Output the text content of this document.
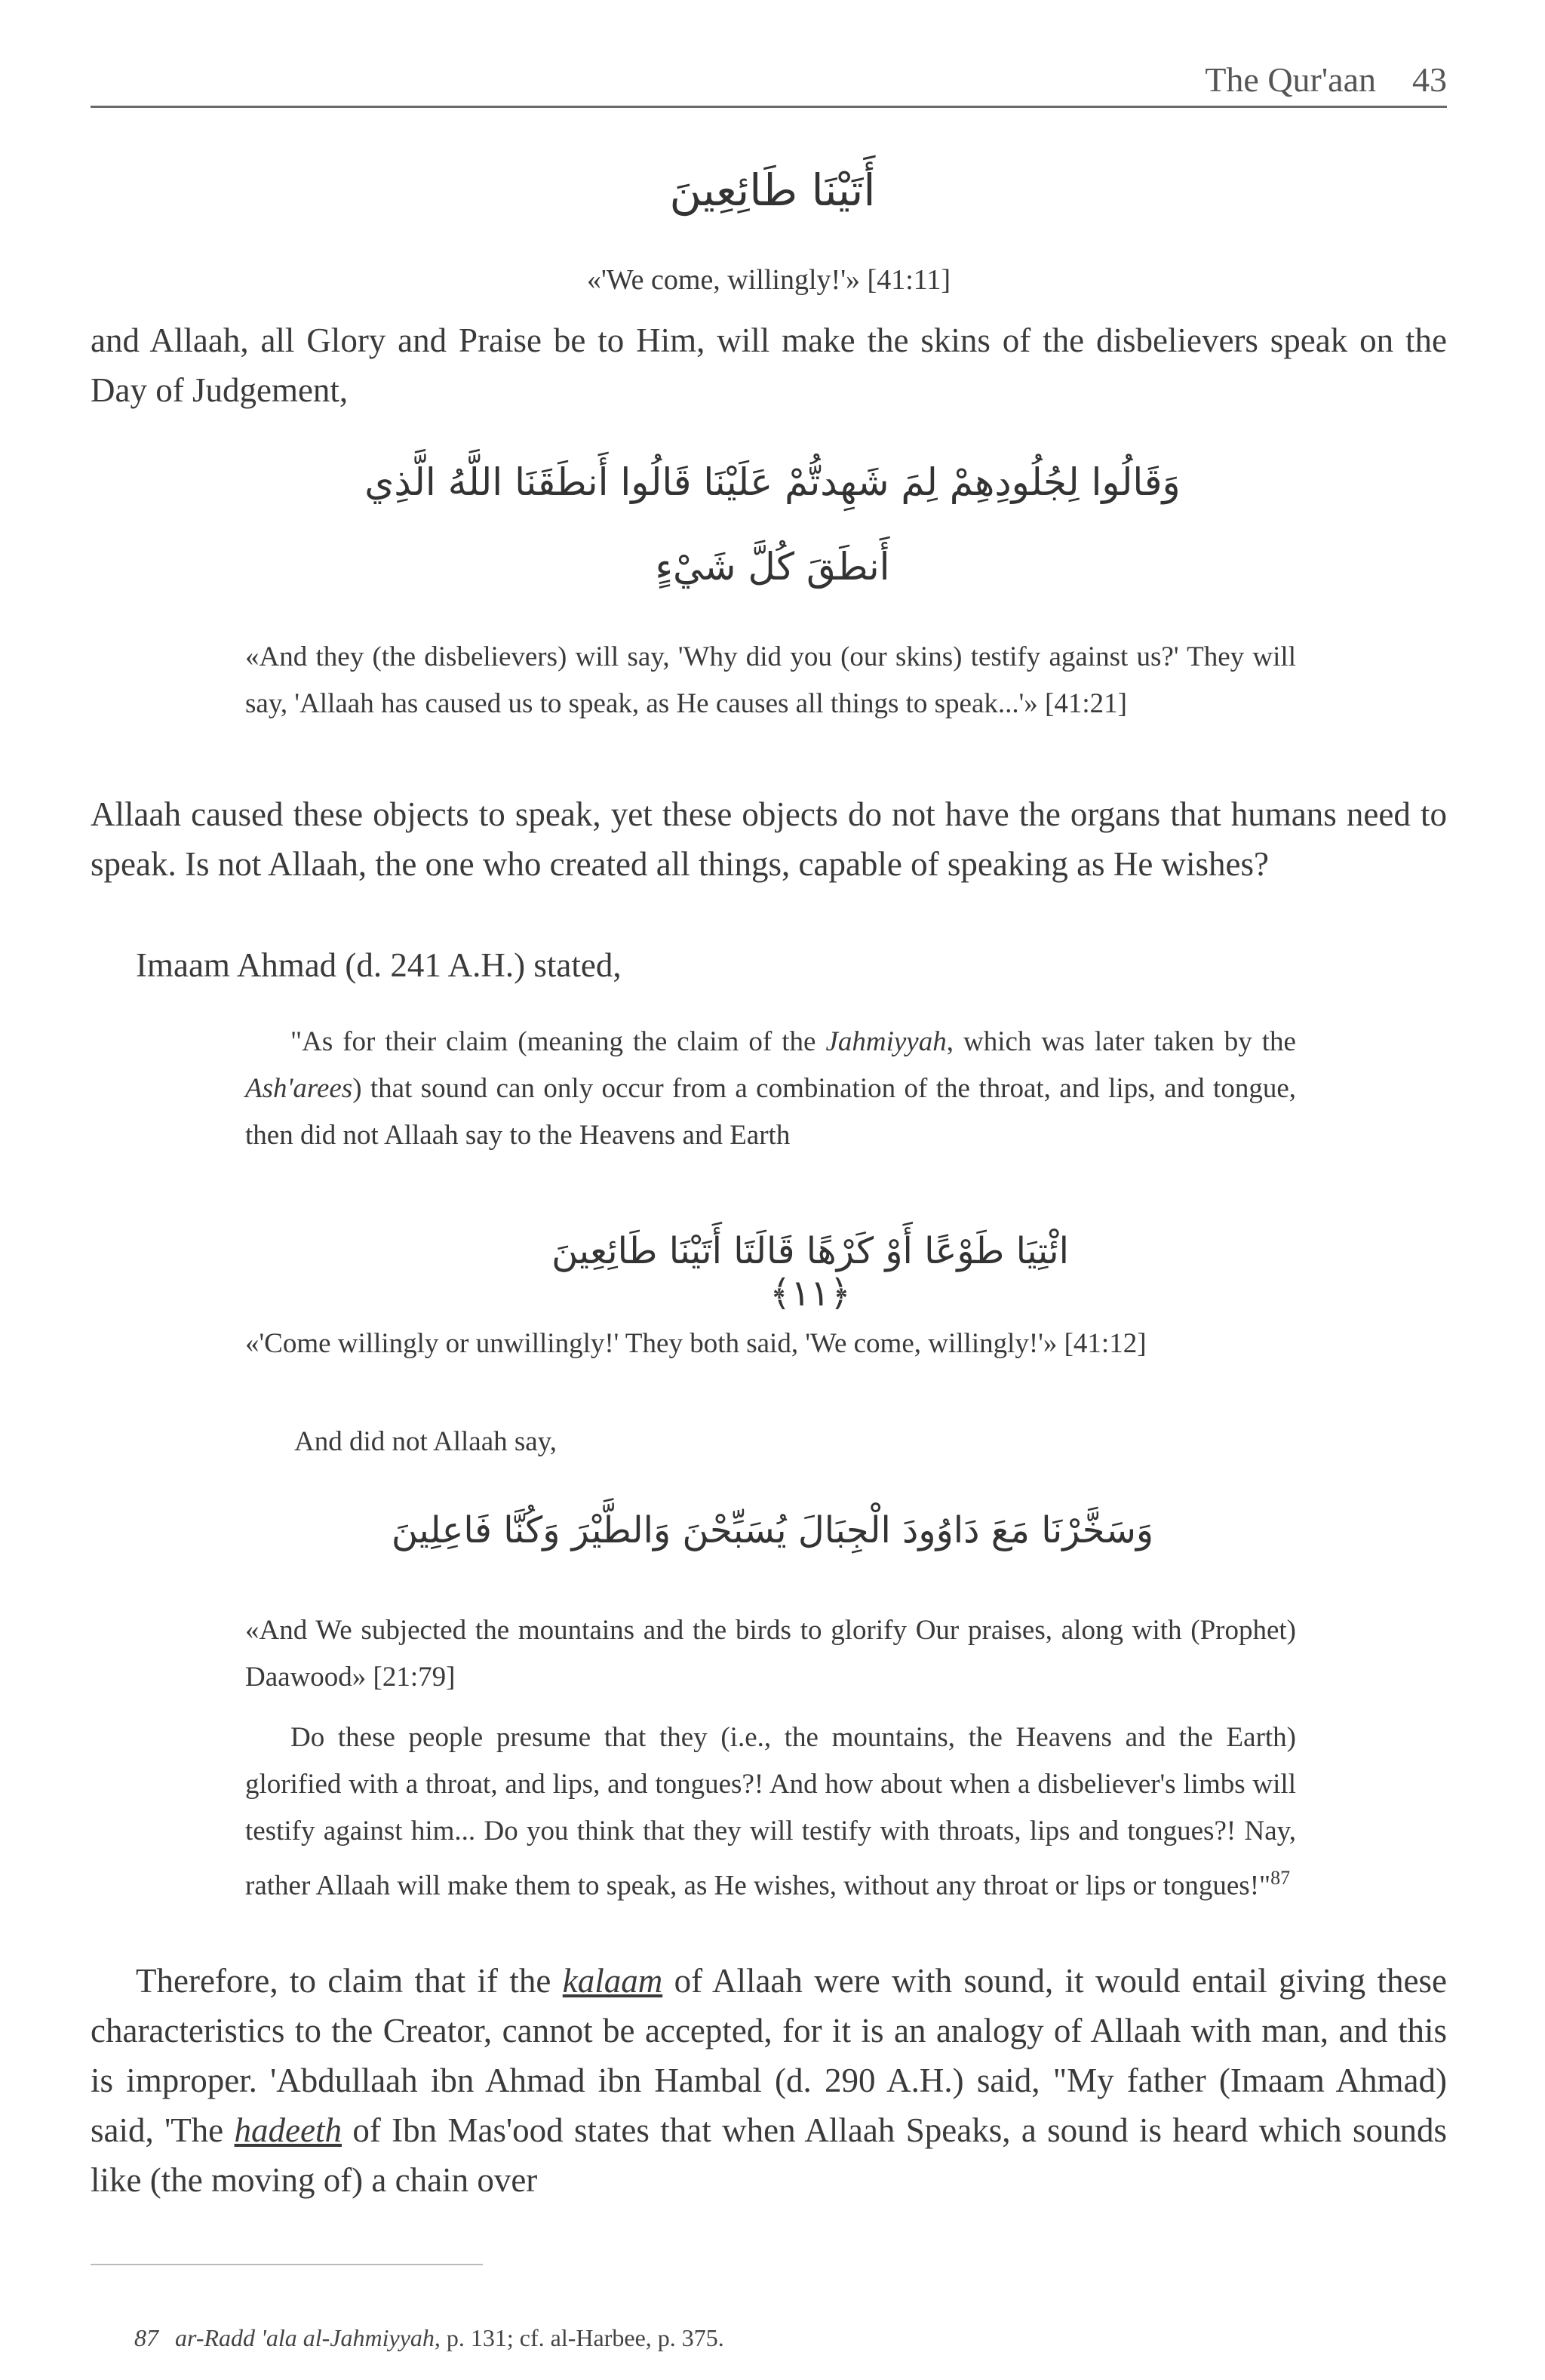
The Qur'aan 43
أَتَيْنَا طَائِعِينَ

«'We come, willingly!'» [41:11]

and Allaah, all Glory and Praise be to Him, will make the skins of the disbelievers speak on the Day of Judgement,

وَقَالُوا لِجُلُودِهِمْ لِمَ شَهِدتُّمْ عَلَيْنَا قَالُوا أَنطَقَنَا اللَّهُ الَّذِي
أَنطَقَ كُلَّ شَيْءٍ

«And they (the disbelievers) will say, 'Why did you (our skins) testify against us?' They will say, 'Allaah has caused us to speak, as He causes all things to speak...'» [41:21]

Allaah caused these objects to speak, yet these objects do not have the organs that humans need to speak. Is not Allaah, the one who created all things, capable of speaking as He wishes?

Imaam Ahmad (d. 241 A.H.) stated,

"As for their claim (meaning the claim of the Jahmiyyah, which was later taken by the Ash'arees) that sound can only occur from a combination of the throat, and lips, and tongue, then did not Allaah say to the Heavens and Earth

ائْتِيَا طَوْعًا أَوْ كَرْهًا قَالَتَا أَتَيْنَا طَائِعِينَ ﴿١١﴾

«'Come willingly or unwillingly!' They both said, 'We come, willingly!'» [41:12]

And did not Allaah say,

وَسَخَّرْنَا مَعَ دَاوُودَ الْجِبَالَ يُسَبِّحْنَ وَالطَّيْرَ وَكُنَّا فَاعِلِينَ

«And We subjected the mountains and the birds to glorify Our praises, along with (Prophet) Daawood» [21:79]

Do these people presume that they (i.e., the mountains, the Heavens and the Earth) glorified with a throat, and lips, and tongues?! And how about when a disbeliever's limbs will testify against him... Do you think that they will testify with throats, lips and tongues?! Nay, rather Allaah will make them to speak, as He wishes, without any throat or lips or tongues!"$^{87}$

Therefore, to claim that if the kalaam of Allaah were with sound, it would entail giving these characteristics to the Creator, cannot be accepted, for it is an analogy of Allaah with man, and this is improper. 'Abdullaah ibn Ahmad ibn Hambal (d. 290 A.H.) said, "My father (Imaam Ahmad) said, 'The hadeeth of Ibn Mas'ood states that when Allaah Speaks, a sound is heard which sounds like (the moving of) a chain over

87 ar-Radd 'ala al-Jahmiyyah, p. 131; cf. al-Harbee, p. 375.
